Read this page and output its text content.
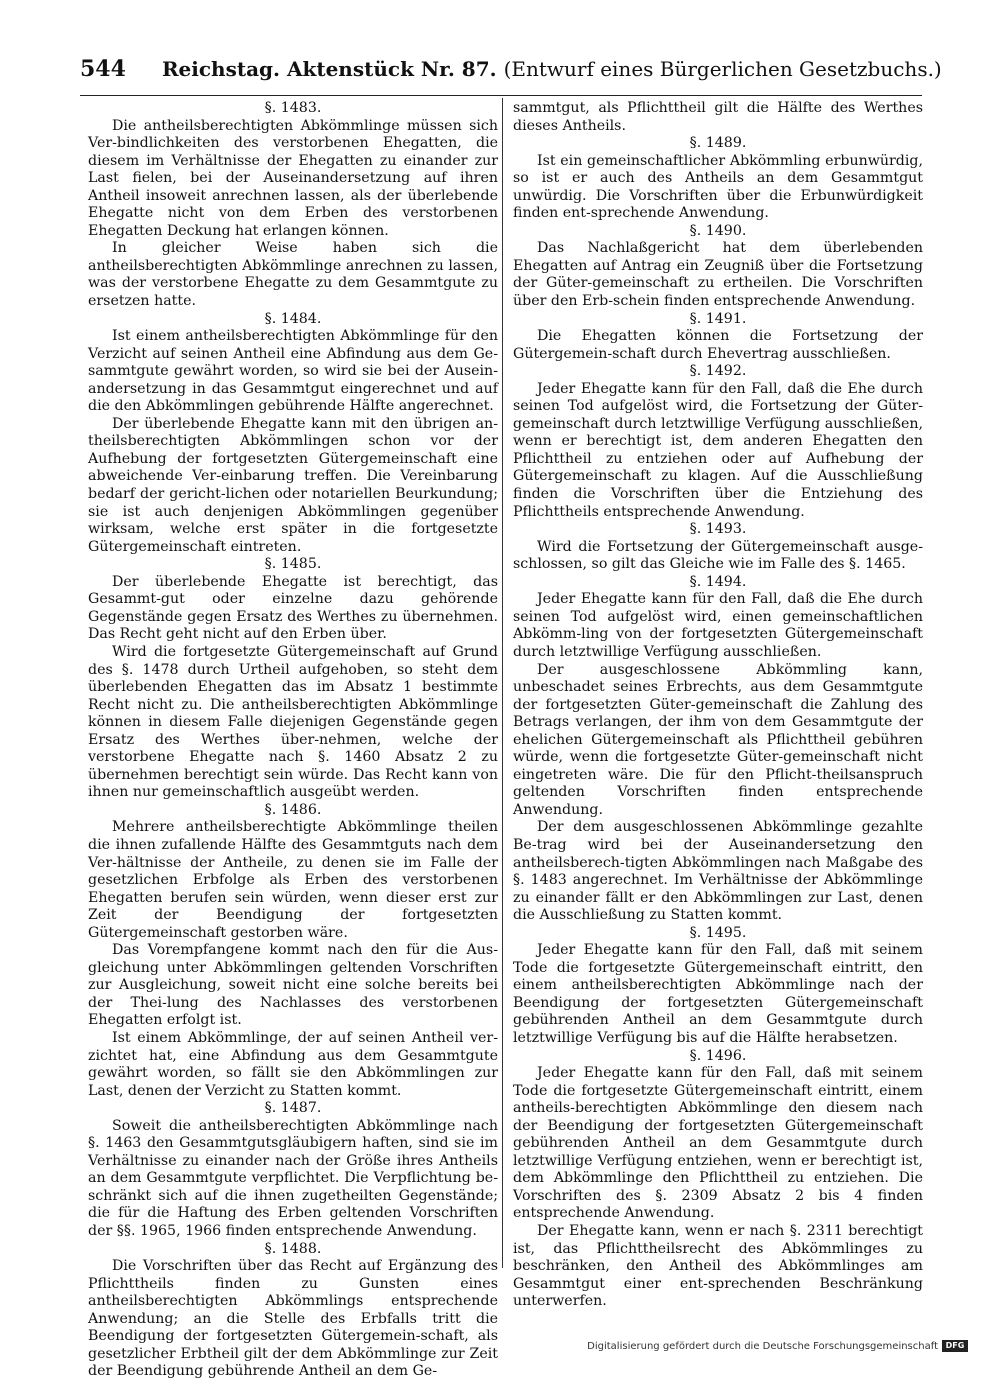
544 Reichstag. Aktenstück Nr. 87. (Entwurf eines Bürgerlichen Gesetzbuchs.)
§. 1483.

Die antheilsberechtigten Abkömmlinge müssen sich Ver-bindlichkeiten des verstorbenen Ehegatten, die diesem im Verhältnisse der Ehegatten zu einander zur Last fielen, bei der Auseinandersetzung auf ihren Antheil insoweit anrechnen lassen, als der überlebende Ehegatte nicht von dem Erben des verstorbenen Ehegatten Deckung hat erlangen können.

In gleicher Weise haben sich die antheilsberechtigten Abkömmlinge anrechnen zu lassen, was der verstorbene Ehegatte zu dem Gesammtgute zu ersetzen hatte.

§. 1484.

Ist einem antheilsberechtigten Abkömmlinge für den Verzicht auf seinen Antheil eine Abfindung aus dem Ge-sammtgute gewährt worden, so wird sie bei der Ausein-andersetzung in das Gesammtgut eingerechnet und auf die den Abkömmlingen gebührende Hälfte angerechnet.

Der überlebende Ehegatte kann mit den übrigen an-theilsberechtigten Abkömmlingen schon vor der Aufhebung der fortgesetzten Gütergemeinschaft eine abweichende Ver-einbarung treffen. Die Vereinbarung bedarf der gericht-lichen oder notariellen Beurkundung; sie ist auch denjenigen Abkömmlingen gegenüber wirksam, welche erst später in die fortgesetzte Gütergemeinschaft eintreten.

§. 1485.

Der überlebende Ehegatte ist berechtigt, das Gesammt-gut oder einzelne dazu gehörende Gegenstände gegen Ersatz des Werthes zu übernehmen. Das Recht geht nicht auf den Erben über.

Wird die fortgesetzte Gütergemeinschaft auf Grund des §. 1478 durch Urtheil aufgehoben, so steht dem überlebenden Ehegatten das im Absatz 1 bestimmte Recht nicht zu. Die antheilsberechtigten Abkömmlinge können in diesem Falle diejenigen Gegenstände gegen Ersatz des Werthes über-nehmen, welche der verstorbene Ehegatte nach §. 1460 Absatz 2 zu übernehmen berechtigt sein würde. Das Recht kann von ihnen nur gemeinschaftlich ausgeübt werden.

§. 1486.

Mehrere antheilsberechtigte Abkömmlinge theilen die ihnen zufallende Hälfte des Gesammtguts nach dem Ver-hältnisse der Antheile, zu denen sie im Falle der gesetzlichen Erbfolge als Erben des verstorbenen Ehegatten berufen sein würden, wenn dieser erst zur Zeit der Beendigung der fortgesetzten Gütergemeinschaft gestorben wäre.

Das Vorempfangene kommt nach den für die Aus-gleichung unter Abkömmlingen geltenden Vorschriften zur Ausgleichung, soweit nicht eine solche bereits bei der Thei-lung des Nachlasses des verstorbenen Ehegatten erfolgt ist.

Ist einem Abkömmlinge, der auf seinen Antheil ver-zichtet hat, eine Abfindung aus dem Gesammtgute gewährt worden, so fällt sie den Abkömmlingen zur Last, denen der Verzicht zu Statten kommt.

§. 1487.

Soweit die antheilsberechtigten Abkömmlinge nach §. 1463 den Gesammtgutsgläubigern haften, sind sie im Verhältnisse zu einander nach der Größe ihres Antheils an dem Gesammtgute verpflichtet. Die Verpflichtung be-schränkt sich auf die ihnen zugetheilten Gegenstände; die für die Haftung des Erben geltenden Vorschriften der §§. 1965, 1966 finden entsprechende Anwendung.

§. 1488.

Die Vorschriften über das Recht auf Ergänzung des Pflichttheils finden zu Gunsten eines antheilsberechtigten Abkömmlings entsprechende Anwendung; an die Stelle des Erbfalls tritt die Beendigung der fortgesetzten Gütergemein-schaft, als gesetzlicher Erbtheil gilt der dem Abkömmlinge zur Zeit der Beendigung gebührende Antheil an dem Ge-

sammtgut, als Pflichttheil gilt die Hälfte des Werthes dieses Antheils.

§. 1489.

Ist ein gemeinschaftlicher Abkömmling erbunwürdig, so ist er auch des Antheils an dem Gesammtgut unwürdig. Die Vorschriften über die Erbunwürdigkeit finden ent-sprechende Anwendung.

§. 1490.

Das Nachlaßgericht hat dem überlebenden Ehegatten auf Antrag ein Zeugniß über die Fortsetzung der Güter-gemeinschaft zu ertheilen. Die Vorschriften über den Erb-schein finden entsprechende Anwendung.

§. 1491.

Die Ehegatten können die Fortsetzung der Gütergemein-schaft durch Ehevertrag ausschließen.

§. 1492.

Jeder Ehegatte kann für den Fall, daß die Ehe durch seinen Tod aufgelöst wird, die Fortsetzung der Güter-gemeinschaft durch letztwillige Verfügung ausschließen, wenn er berechtigt ist, dem anderen Ehegatten den Pflichttheil zu entziehen oder auf Aufhebung der Gütergemeinschaft zu klagen. Auf die Ausschließung finden die Vorschriften über die Entziehung des Pflichttheils entsprechende Anwendung.

§. 1493.

Wird die Fortsetzung der Gütergemeinschaft ausge-schlossen, so gilt das Gleiche wie im Falle des §. 1465.

§. 1494.

Jeder Ehegatte kann für den Fall, daß die Ehe durch seinen Tod aufgelöst wird, einen gemeinschaftlichen Abkömm-ling von der fortgesetzten Gütergemeinschaft durch letztwillige Verfügung ausschließen.

Der ausgeschlossene Abkömmling kann, unbeschadet seines Erbrechts, aus dem Gesammtgute der fortgesetzten Güter-gemeinschaft die Zahlung des Betrags verlangen, der ihm von dem Gesammtgute der ehelichen Gütergemeinschaft als Pflichttheil gebühren würde, wenn die fortgesetzte Güter-gemeinschaft nicht eingetreten wäre. Die für den Pflicht-theilsanspruch geltenden Vorschriften finden entsprechende Anwendung.

Der dem ausgeschlossenen Abkömmlinge gezahlte Be-trag wird bei der Auseinandersetzung den antheilsberech-tigten Abkömmlingen nach Maßgabe des §. 1483 angerechnet. Im Verhältnisse der Abkömmlinge zu einander fällt er den Abkömmlingen zur Last, denen die Ausschließung zu Statten kommt.

§. 1495.

Jeder Ehegatte kann für den Fall, daß mit seinem Tode die fortgesetzte Gütergemeinschaft eintritt, den einem antheilsberechtigten Abkömmlinge nach der Beendigung der fortgesetzten Gütergemeinschaft gebührenden Antheil an dem Gesammtgute durch letztwillige Verfügung bis auf die Hälfte herabsetzen.

§. 1496.

Jeder Ehegatte kann für den Fall, daß mit seinem Tode die fortgesetzte Gütergemeinschaft eintritt, einem antheils-berechtigten Abkömmlinge den diesem nach der Beendigung der fortgesetzten Gütergemeinschaft gebührenden Antheil an dem Gesammtgute durch letztwillige Verfügung entziehen, wenn er berechtigt ist, dem Abkömmlinge den Pflichttheil zu entziehen. Die Vorschriften des §. 2309 Absatz 2 bis 4 finden entsprechende Anwendung.

Der Ehegatte kann, wenn er nach §. 2311 berechtigt ist, das Pflichttheilsrecht des Abkömmlinges zu beschränken, den Antheil des Abkömmlinges am Gesammtgut einer ent-sprechenden Beschränkung unterwerfen.

Digitalisierung gefördert durch die Deutsche Forschungsgemeinschaft DFG
